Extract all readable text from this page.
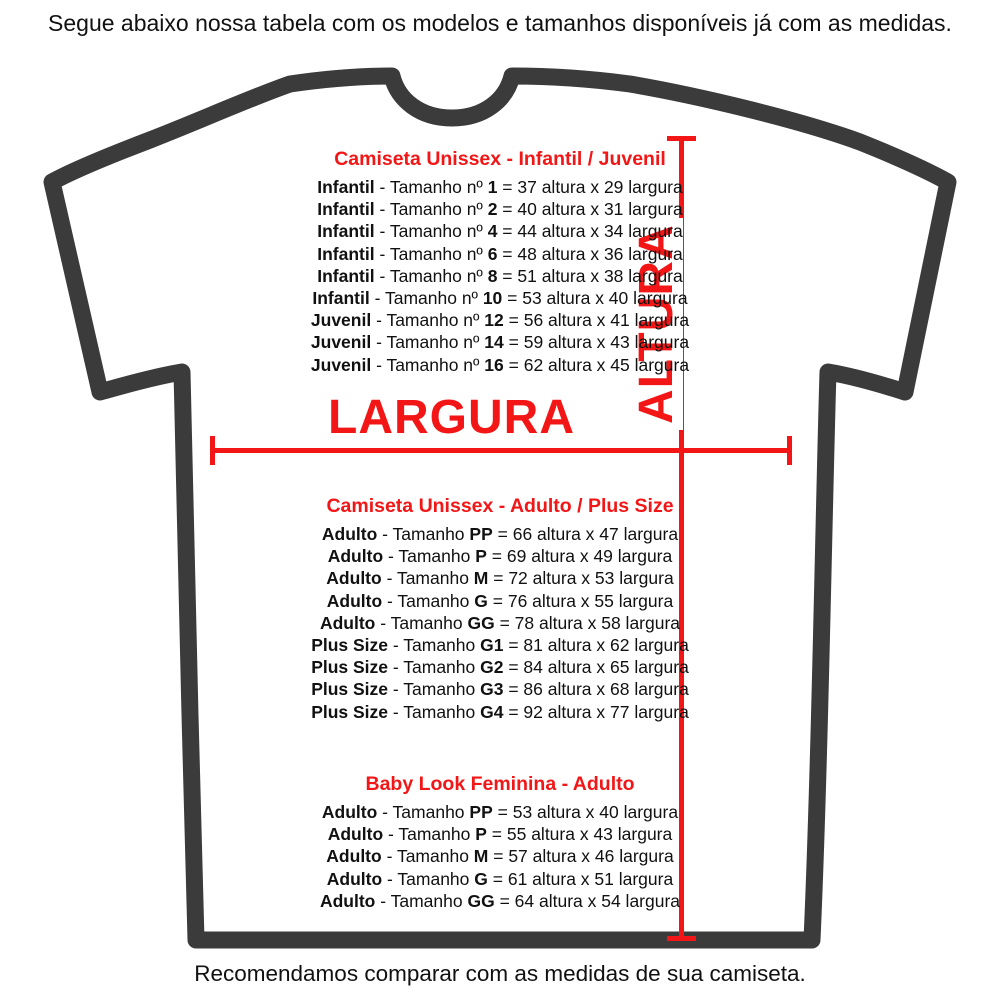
Segue abaixo nossa tabela com os modelos e tamanhos disponíveis já com as medidas.
LARGURA ALTURA
Camiseta Unissex - Infantil / Juvenil
Infantil - Tamanho nº 1 = 37 altura x 29 largura
Infantil - Tamanho nº 2 = 40 altura x 31 largura
Infantil - Tamanho nº 4 = 44 altura x 34 largura
Infantil - Tamanho nº 6 = 48 altura x 36 largura
Infantil - Tamanho nº 8 = 51 altura x 38 largura
Infantil - Tamanho nº 10 = 53 altura x 40 largura
Juvenil - Tamanho nº 12 = 56 altura x 41 largura
Juvenil - Tamanho nº 14 = 59 altura x 43 largura
Juvenil - Tamanho nº 16 = 62 altura x 45 largura
Camiseta Unissex - Adulto / Plus Size
Adulto - Tamanho PP = 66 altura x 47 largura
Adulto - Tamanho P = 69 altura x 49 largura
Adulto - Tamanho M = 72 altura x 53 largura
Adulto - Tamanho G = 76 altura x 55 largura
Adulto - Tamanho GG = 78 altura x 58 largura
Plus Size - Tamanho G1 = 81 altura x 62 largura
Plus Size - Tamanho G2 = 84 altura x 65 largura
Plus Size - Tamanho G3 = 86 altura x 68 largura
Plus Size - Tamanho G4 = 92 altura x 77 largura
Baby Look Feminina - Adulto
Adulto - Tamanho PP = 53 altura x 40 largura
Adulto - Tamanho P = 55 altura x 43 largura
Adulto - Tamanho M = 57 altura x 46 largura
Adulto - Tamanho G = 61 altura x 51 largura
Adulto - Tamanho GG = 64 altura x 54 largura
Recomendamos comparar com as medidas de sua camiseta.
